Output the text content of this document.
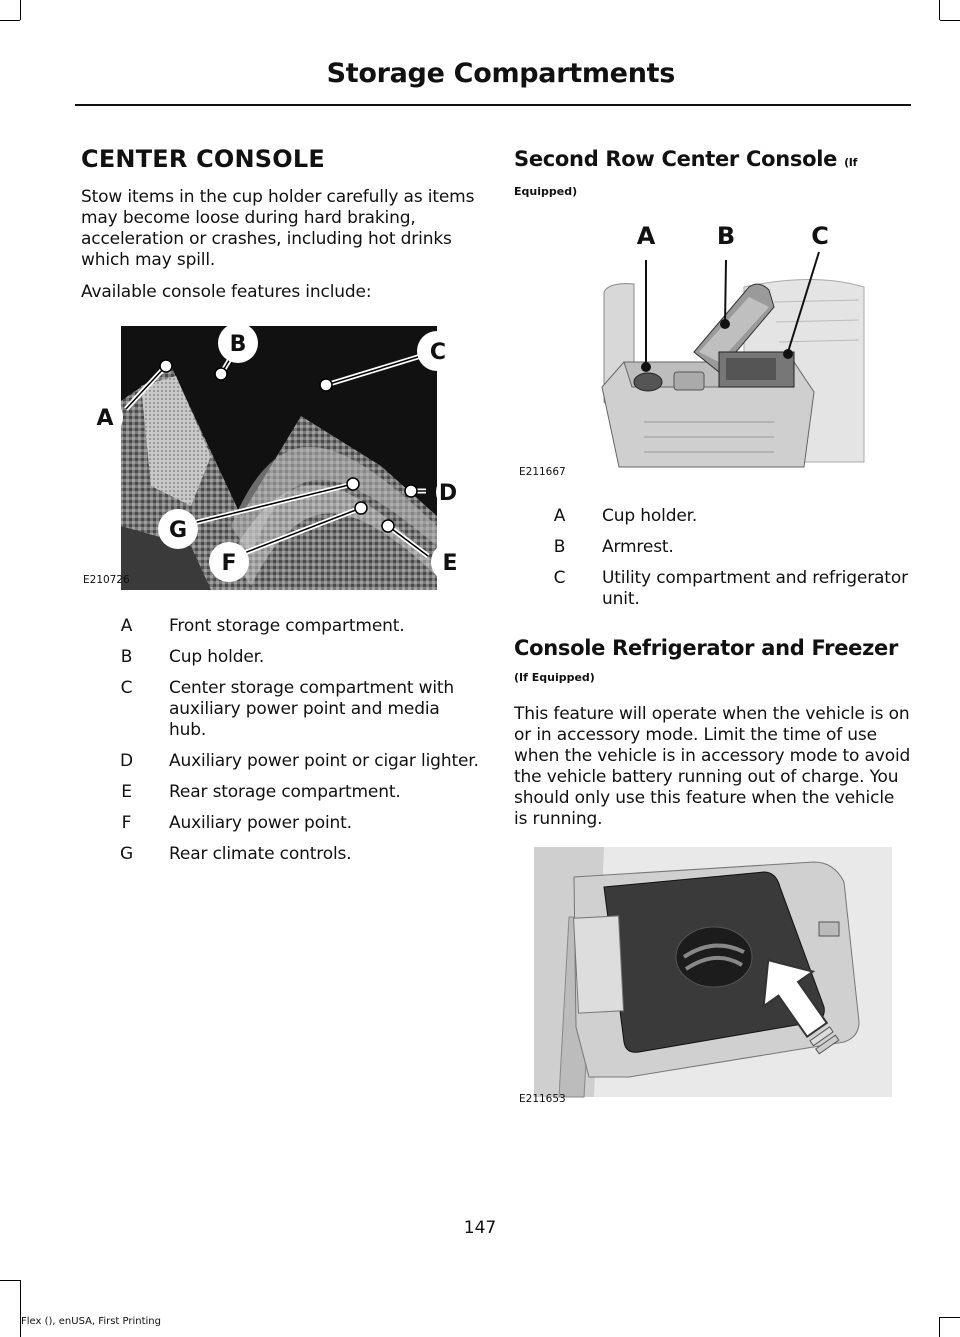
Storage Compartments
CENTER CONSOLE

Stow items in the cup holder carefully as items may become loose during hard braking, acceleration or crashes, including hot drinks which may spill.

Available console features include:

A
B	C
D
E
F
G
E210726
A	Front storage compartment.
B	Cup holder.
C	Center storage compartment with auxiliary power point and media hub.
D	Auxiliary power point or cigar lighter.
E	Rear storage compartment.
F	Auxiliary power point.
G	Rear climate controls.
Second Row Center Console (If
Equipped)
A	B	C
E211667
A	Cup holder.
B	Armrest.
C	Utility compartment and refrigerator unit.
Console Refrigerator and Freezer
(If Equipped)

This feature will operate when the vehicle is on or in accessory mode. Limit the time of use when the vehicle is in accessory mode to avoid the vehicle battery running out of charge. You should only use this feature when the vehicle is running.

E211653
147
Flex (), enUSA, First Printing
